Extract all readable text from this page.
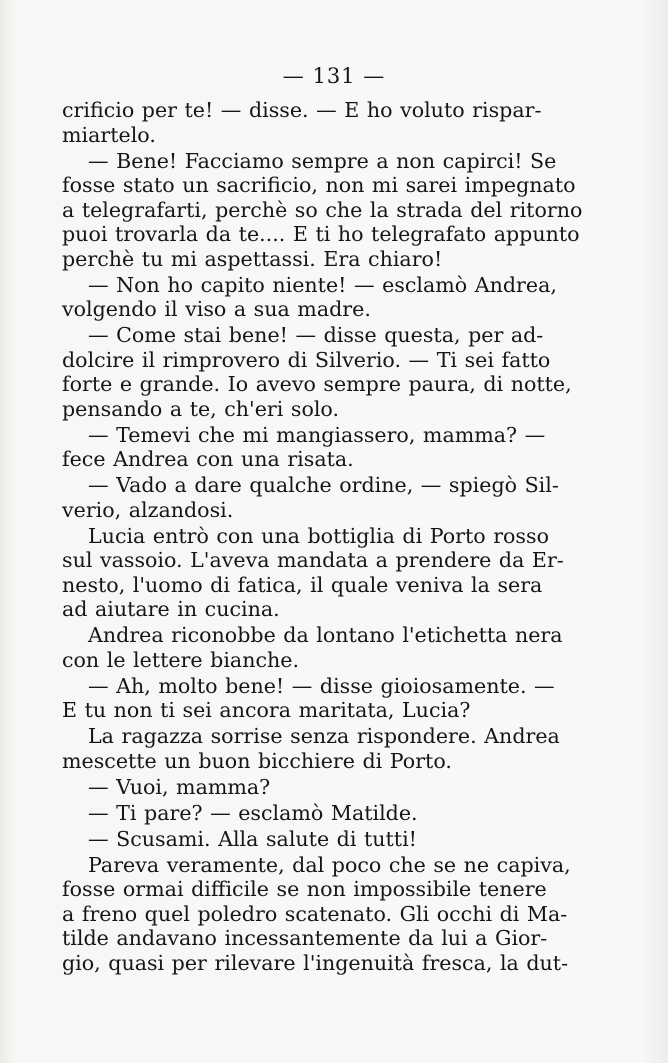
— 131 —
crificio per te! — disse. — E ho voluto rispar-
miartelo.
— Bene! Facciamo sempre a non capirci! Se
fosse stato un sacrificio, non mi sarei impegnato
a telegrafarti, perchè so che la strada del ritorno
puoi trovarla da te.... E ti ho telegrafato appunto
perchè tu mi aspettassi. Era chiaro!
— Non ho capito niente! — esclamò Andrea,
volgendo il viso a sua madre.
— Come stai bene! — disse questa, per ad-
dolcire il rimprovero di Silverio. — Ti sei fatto
forte e grande. Io avevo sempre paura, di notte,
pensando a te, ch'eri solo.
— Temevi che mi mangiassero, mamma? —
fece Andrea con una risata.
— Vado a dare qualche ordine, — spiegò Sil-
verio, alzandosi.
Lucia entrò con una bottiglia di Porto rosso
sul vassoio. L'aveva mandata a prendere da Er-
nesto, l'uomo di fatica, il quale veniva la sera
ad aiutare in cucina.
Andrea riconobbe da lontano l'etichetta nera
con le lettere bianche.
— Ah, molto bene! — disse gioiosamente. —
E tu non ti sei ancora maritata, Lucia?
La ragazza sorrise senza rispondere. Andrea
mescette un buon bicchiere di Porto.
— Vuoi, mamma?
— Ti pare? — esclamò Matilde.
— Scusami. Alla salute di tutti!
Pareva veramente, dal poco che se ne capiva,
fosse ormai difficile se non impossibile tenere
a freno quel poledro scatenato. Gli occhi di Ma-
tilde andavano incessantemente da lui a Gior-
gio, quasi per rilevare l'ingenuità fresca, la dut-
